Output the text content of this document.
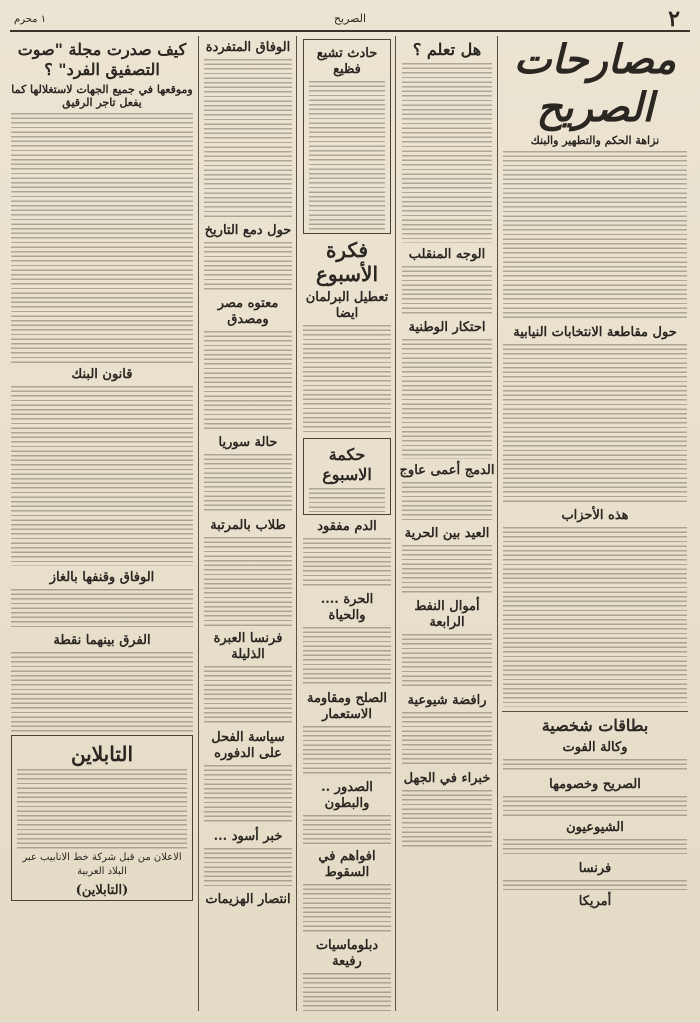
٢
الصريح
١ محرم
مصارحات الصريح
نزاهة الحكم والتطهير والبنك
حول مقاطعة الانتخابات النيابية
هذه الأحزاب
بطاقات شخصية
وكالة الفوت
الصريح وخصومها
الشيوعيون
فرنسا
أمريكا
هل تعلم ؟
الوجه المنقلب
احتكار الوطنية
الدمج أعمى عاوج
العيد بين الحرية
أموال النفط الرابعة
رافضة شيوعية
خبراء في الجهل
حادث تشيع فظيع
فكرة الأسبوع
تعطيل البرلمان ايضا
حكمة الاسبوع
الدم مفقود
الحرة .... والحياة
الصلح ومقاومة الاستعمار
الصدور .. والبطون
افواهم في السقوط
دبلوماسيات رفيعة
الوفاق المتفردة
حول دمع التاريخ
معتوه مصر ومصدق
حالة سوريا
طلاب بالمرتبة
فرنسا العبرة الذليلة
سياسة الفحل على الدفوره
خبر أسود ...
انتصار الهزيمات
كيف صدرت مجلة "صوت التصفيق الفرد" ؟
وموقعها في جميع الجهات لاستغلالها كما يفعل تاجر الرقيق
قانون البنك
الوفاق وقنفها بالغاز
الفرق بينهما نقطة
التابلاين
الاعلان من قبل شركة خط الانابيب عبر البلاد العربية
(التابلاين)
